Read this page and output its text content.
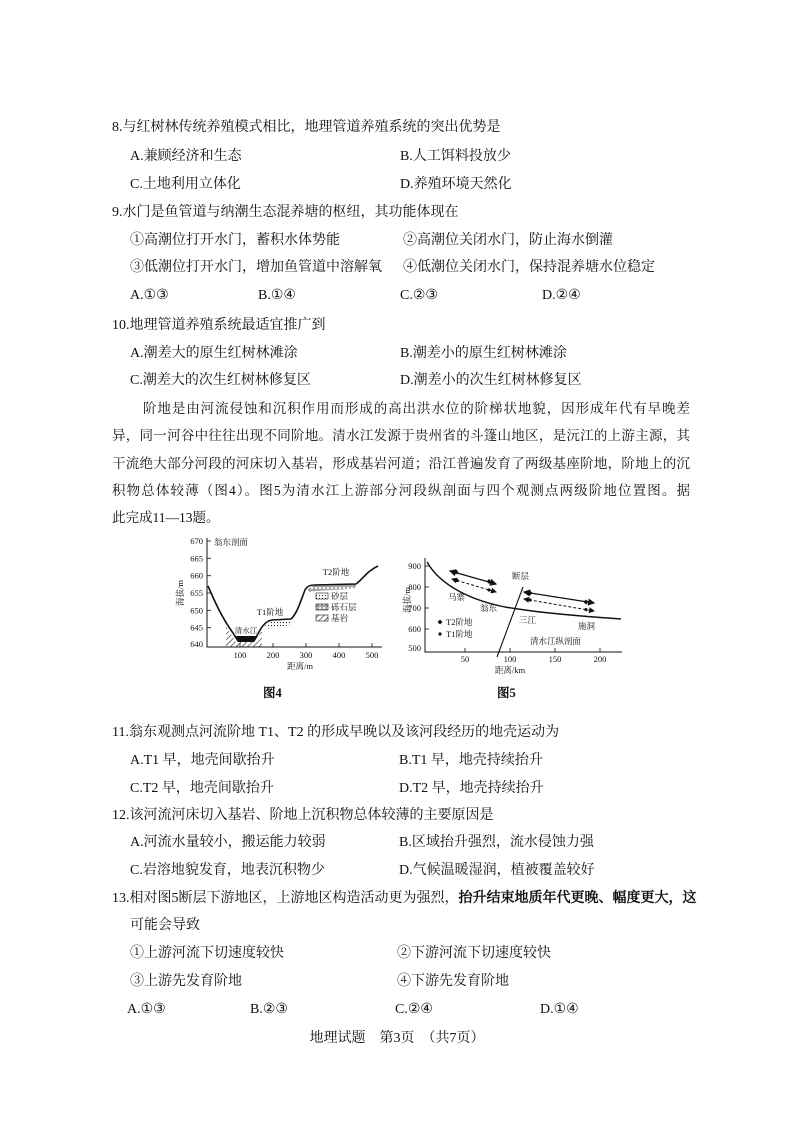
8.与红树林传统养殖模式相比，地理管道养殖系统的突出优势是
A.兼顾经济和生态	B.人工饵料投放少
C.土地利用立体化	D.养殖环境天然化
9.水门是鱼管道与纳潮生态混养塘的枢纽，其功能体现在
①高潮位打开水门，蓄积水体势能	②高潮位关闭水门，防止海水倒灌
③低潮位打开水门，增加鱼管道中溶解氧 ④低潮位关闭水门，保持混养塘水位稳定
A.①③	B.①④	C.②③	D.②④
10.地理管道养殖系统最适宜推广到
A.潮差大的原生红树林滩涂	B.潮差小的原生红树林滩涂
C.潮差大的次生红树林修复区	D.潮差小的次生红树林修复区
阶地是由河流侵蚀和沉积作用而形成的高出洪水位的阶梯状地貌，因形成年代有早晚差
异，同一河谷中往往出现不同阶地。清水江发源于贵州省的斗篷山地区，是沅江的上游主源，其
干流绝大部分河段的河床切入基岩，形成基岩河道；沿江普遍发育了两级基座阶地，阶地上的沉
积物总体较薄（图4）。图5为清水江上游部分河段纵剖面与四个观测点两级阶地位置图。据
此完成11—13题。
670
665
660
655
650
645
640
100 200 300 400 500
距离/m
海拔/m
翁东剖面
清水江
T2阶地
T1阶地
砂层
砾石层
基岩
900
800
700
600
500
50	100	150	200
距离/km
海拔/m
断层
马寨
翁东
三江
施洞
T2阶地
T1阶地
清水江纵剖面
图4	图5
11.翁东观测点河流阶地 T1、T2 的形成早晚以及该河段经历的地壳运动为
A.T1 早，地壳间歇抬升	B.T1 早，地壳持续抬升
C.T2 早，地壳间歇抬升	D.T2 早，地壳持续抬升
12.该河流河床切入基岩、阶地上沉积物总体较薄的主要原因是
A.河流水量较小，搬运能力较弱	B.区域抬升强烈，流水侵蚀力强
C.岩溶地貌发育，地表沉积物少	D.气候温暖湿润，植被覆盖较好
13.相对图5断层下游地区，上游地区构造活动更为强烈，抬升结束地质年代更晚、幅度更大，这
可能会导致
①上游河流下切速度较快	②下游河流下切速度较快
③上游先发育阶地	④下游先发育阶地
A.①③	B.②③	C.②④	D.①④
地理试题　第3页　（共7页）
